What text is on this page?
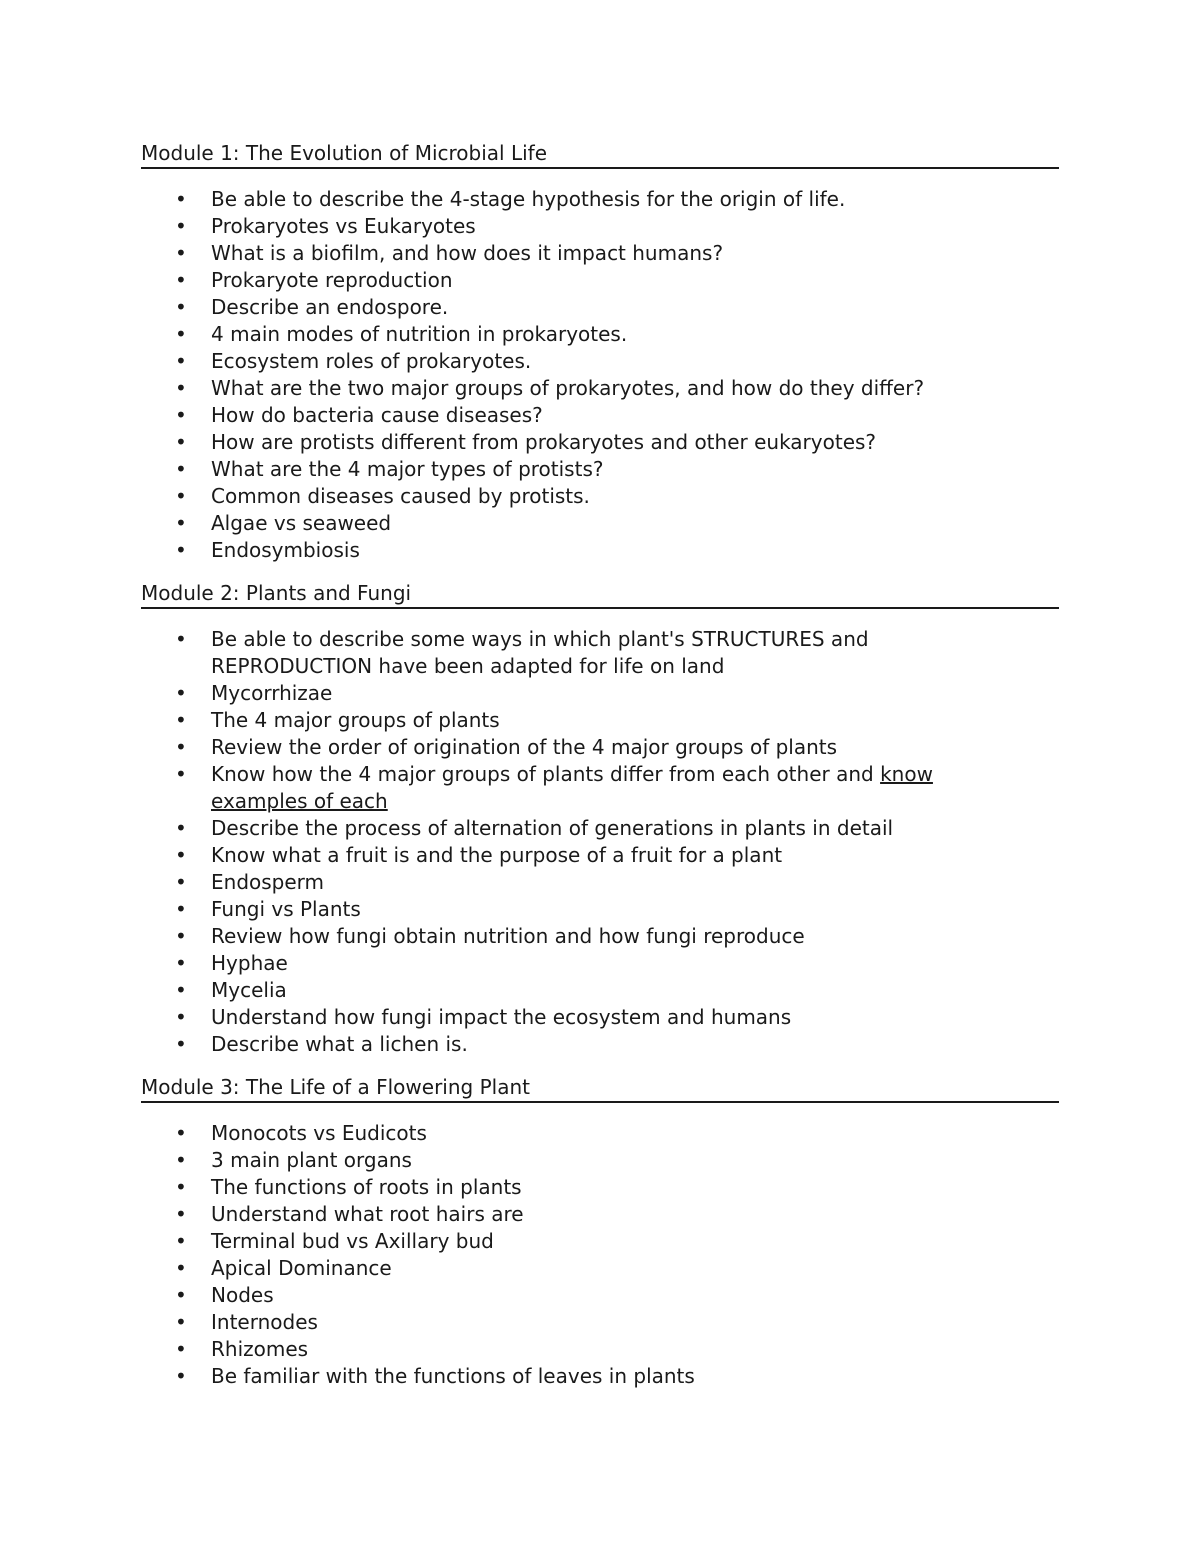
Module 1: The Evolution of Microbial Life
• Be able to describe the 4-stage hypothesis for the origin of life.
• Prokaryotes vs Eukaryotes
• What is a biofilm, and how does it impact humans?
• Prokaryote reproduction
• Describe an endospore.
• 4 main modes of nutrition in prokaryotes.
• Ecosystem roles of prokaryotes.
• What are the two major groups of prokaryotes, and how do they differ?
• How do bacteria cause diseases?
• How are protists different from prokaryotes and other eukaryotes?
• What are the 4 major types of protists?
• Common diseases caused by protists.
• Algae vs seaweed
• Endosymbiosis
Module 2: Plants and Fungi
• Be able to describe some ways in which plant's STRUCTURES and
REPRODUCTION have been adapted for life on land
• Mycorrhizae
• The 4 major groups of plants
• Review the order of origination of the 4 major groups of plants
• Know how the 4 major groups of plants differ from each other and know
examples of each
• Describe the process of alternation of generations in plants in detail
• Know what a fruit is and the purpose of a fruit for a plant
• Endosperm
• Fungi vs Plants
• Review how fungi obtain nutrition and how fungi reproduce
• Hyphae
• Mycelia
• Understand how fungi impact the ecosystem and humans
• Describe what a lichen is.
Module 3: The Life of a Flowering Plant
• Monocots vs Eudicots
• 3 main plant organs
• The functions of roots in plants
• Understand what root hairs are
• Terminal bud vs Axillary bud
• Apical Dominance
• Nodes
• Internodes
• Rhizomes
• Be familiar with the functions of leaves in plants
